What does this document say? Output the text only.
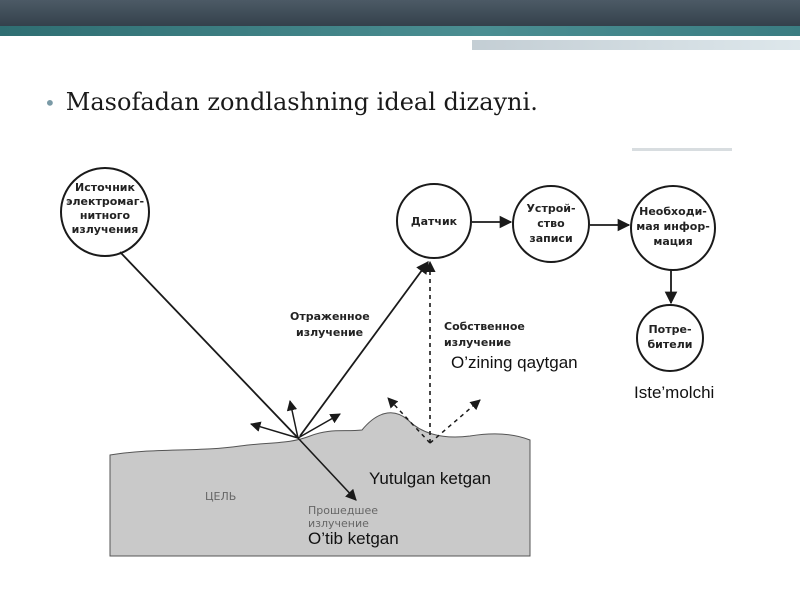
• Masofadan zondlashning ideal dizayni.
ЦЕЛЬ
Прошедшее
излучение
Источник
электромаг-
нитного
излучения
Датчик
Устрой-
ство
записи
Необходи-
мая инфор-
мация
Потре-
бители
Отраженное
излучение	Собственное
излучение
O’zining qaytgan
Iste’molchi
Yutulgan ketgan
O’tib ketgan
